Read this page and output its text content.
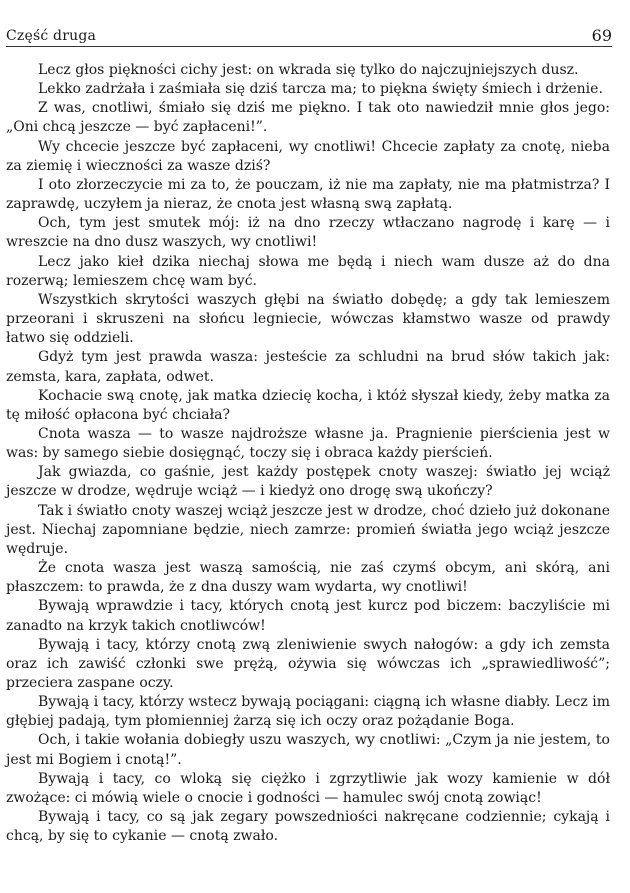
Część druga	69

Lecz głos piękności cichy jest: on wkrada się tylko do najczujniejszych dusz.

Lekko zadrżała i zaśmiała się dziś tarcza ma; to piękna święty śmiech i drżenie.

Z was, cnotliwi, śmiało się dziś me piękno. I tak oto nawiedził mnie głos jego: „Oni chcą jeszcze — być zapłaceni!”.

Wy chcecie jeszcze być zapłaceni, wy cnotliwi! Chcecie zapłaty za cnotę, nieba za ziemię i wieczności za wasze dziś?

I oto złorzeczycie mi za to, że pouczam, iż nie ma zapłaty, nie ma płatmistrza? I zaprawdę, uczyłem ja nieraz, że cnota jest własną swą zapłatą.

Och, tym jest smutek mój: iż na dno rzeczy wtłaczano nagrodę i karę — i wreszcie na dno dusz waszych, wy cnotliwi!

Lecz jako kieł dzika niechaj słowa me będą i niech wam dusze aż do dna rozerwą; lemieszem chcę wam być.

Wszystkich skrytości waszych głębi na światło dobędę; a gdy tak lemieszem przeorani i skruszeni na słońcu legniecie, wówczas kłamstwo wasze od prawdy łatwo się oddzieli.

Gdyż tym jest prawda wasza: jesteście za schludni na brud słów takich jak: zemsta, kara, zapłata, odwet.

Kochacie swą cnotę, jak matka dziecię kocha, i któż słyszał kiedy, żeby matka za tę miłość opłacona być chciała?

Cnota wasza — to wasze najdroższe własne ja. Pragnienie pierścienia jest w was: by samego siebie dosięgnąć, toczy się i obraca każdy pierścień.

Jak gwiazda, co gaśnie, jest każdy postępek cnoty waszej: światło jej wciąż jeszcze w drodze, wędruje wciąż — i kiedyż ono drogę swą ukończy?

Tak i światło cnoty waszej wciąż jeszcze jest w drodze, choć dzieło już dokonane jest. Niechaj zapomniane będzie, niech zamrze: promień światła jego wciąż jeszcze wędruje.

Że cnota wasza jest waszą samością, nie zaś czymś obcym, ani skórą, ani płaszczem: to prawda, że z dna duszy wam wydarta, wy cnotliwi!

Bywają wprawdzie i tacy, których cnotą jest kurcz pod biczem: baczyliście mi zanadto na krzyk takich cnotliwców!

Bywają i tacy, którzy cnotą zwą zleniwienie swych nałogów: a gdy ich zemsta oraz ich zawiść członki swe prężą, ożywia się wówczas ich „sprawiedliwość”; przeciera zaspane oczy.

Bywają i tacy, którzy wstecz bywają pociągani: ciągną ich własne diabły. Lecz im głębiej padają, tym płomienniej żarzą się ich oczy oraz pożądanie Boga.

Och, i takie wołania dobiegły uszu waszych, wy cnotliwi: „Czym ja nie jestem, to jest mi Bogiem i cnotą!”.

Bywają i tacy, co wloką się ciężko i zgrzytliwie jak wozy kamienie w dół zwożące: ci mówią wiele o cnocie i godności — hamulec swój cnotą zowiąc!

Bywają i tacy, co są jak zegary powszedniości nakręcane codziennie; cykają i chcą, by się to cykanie — cnotą zwało.
